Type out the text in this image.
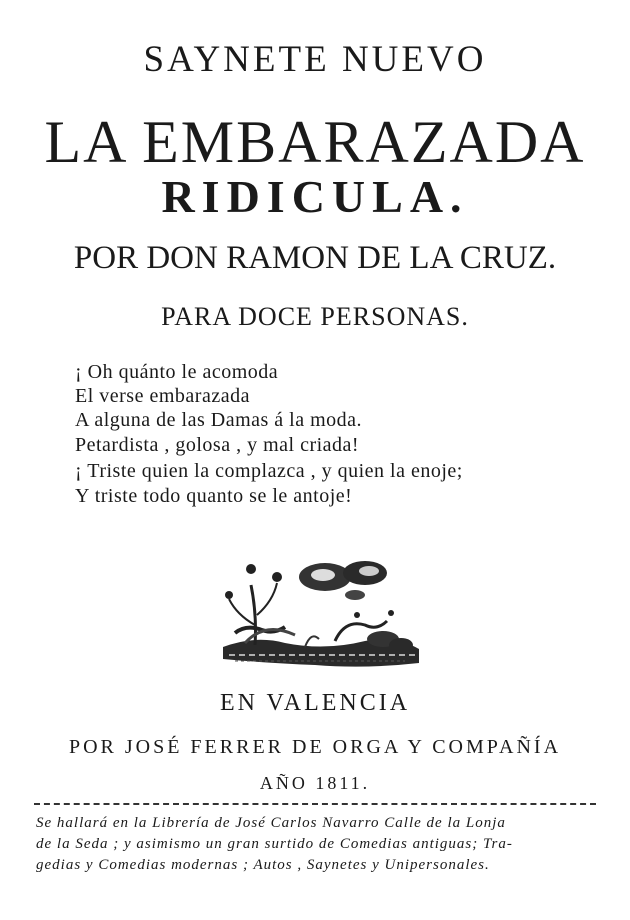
SAYNETE NUEVO
LA EMBARAZADA
RIDICULA.
POR DON RAMON DE LA CRUZ.
PARA DOCE PERSONAS.
¡ Oh quánto le acomoda
El verse embarazada
A alguna de las Damas á la moda.
Petardista , golosa , y mal criada!
¡ Triste quien la complazca , y quien la enoje;
Y triste todo quanto se le antoje!
EN VALENCIA
POR JOSÉ FERRER DE ORGA Y COMPAÑÍA
AÑO 1811.
Se hallará en la Librería de José Carlos Navarro Calle de la Lonja
de la Seda ; y asimismo un gran surtido de Comedias antiguas; Tra-
gedias y Comedias modernas ; Autos , Saynetes y Unipersonales.
